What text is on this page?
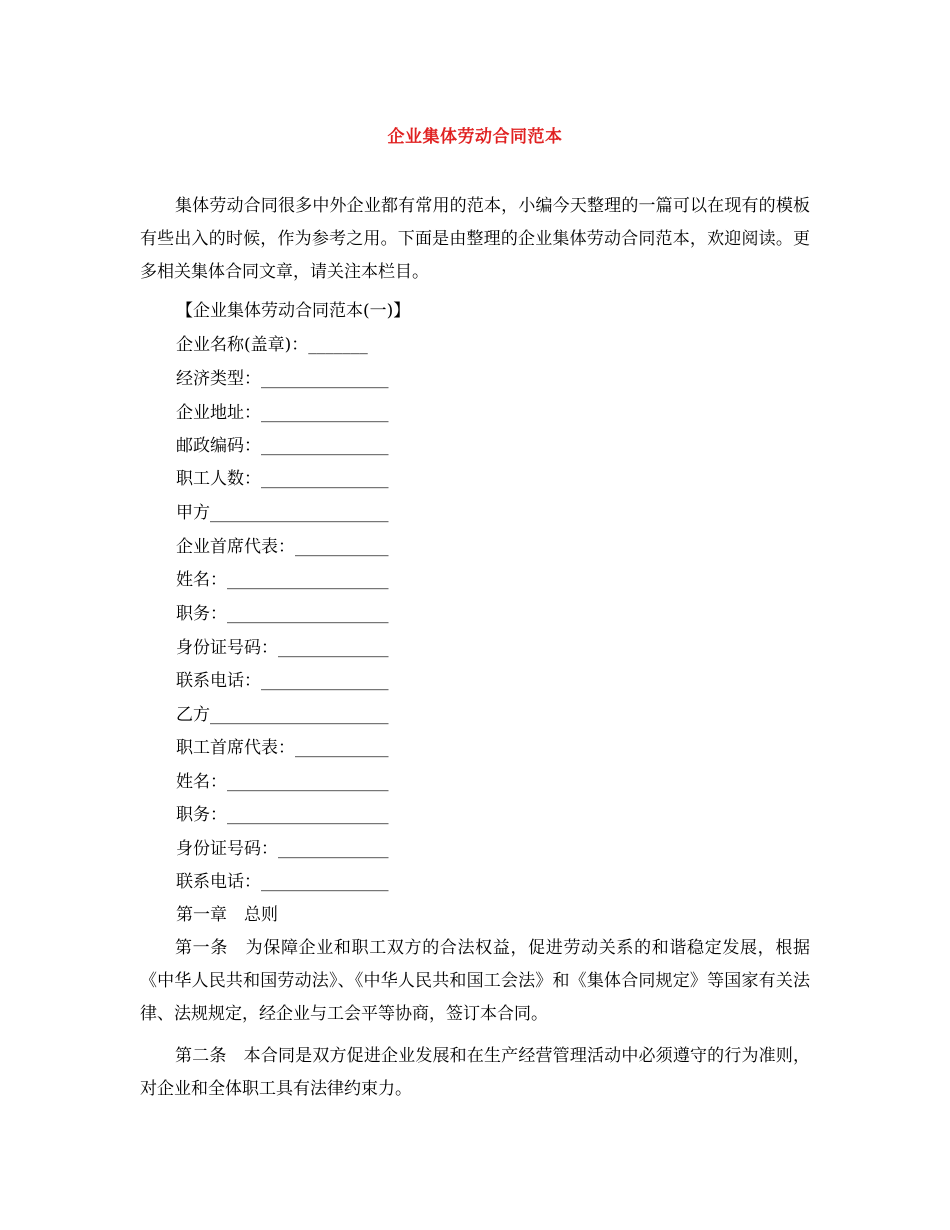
企业集体劳动合同范本
集体劳动合同很多中外企业都有常用的范本，小编今天整理的一篇可以在现有的模板有些出入的时候，作为参考之用。下面是由整理的企业集体劳动合同范本，欢迎阅读。更多相关集体合同文章，请关注本栏目。
【企业集体劳动合同范本(一)】
企业名称(盖章)：_______
经济类型：_______________
企业地址：_______________
邮政编码：_______________
职工人数：_______________
甲方_____________________
企业首席代表：___________
姓名：___________________
职务：___________________
身份证号码：_____________
联系电话：_______________
乙方_____________________
职工首席代表：___________
姓名：___________________
职务：___________________
身份证号码：_____________
联系电话：_______________
第一章　总则
第一条　为保障企业和职工双方的合法权益，促进劳动关系的和谐稳定发展，根据《中华人民共和国劳动法》、《中华人民共和国工会法》和《集体合同规定》等国家有关法律、法规规定，经企业与工会平等协商，签订本合同。
第二条　本合同是双方促进企业发展和在生产经营管理活动中必须遵守的行为准则，对企业和全体职工具有法律约束力。
